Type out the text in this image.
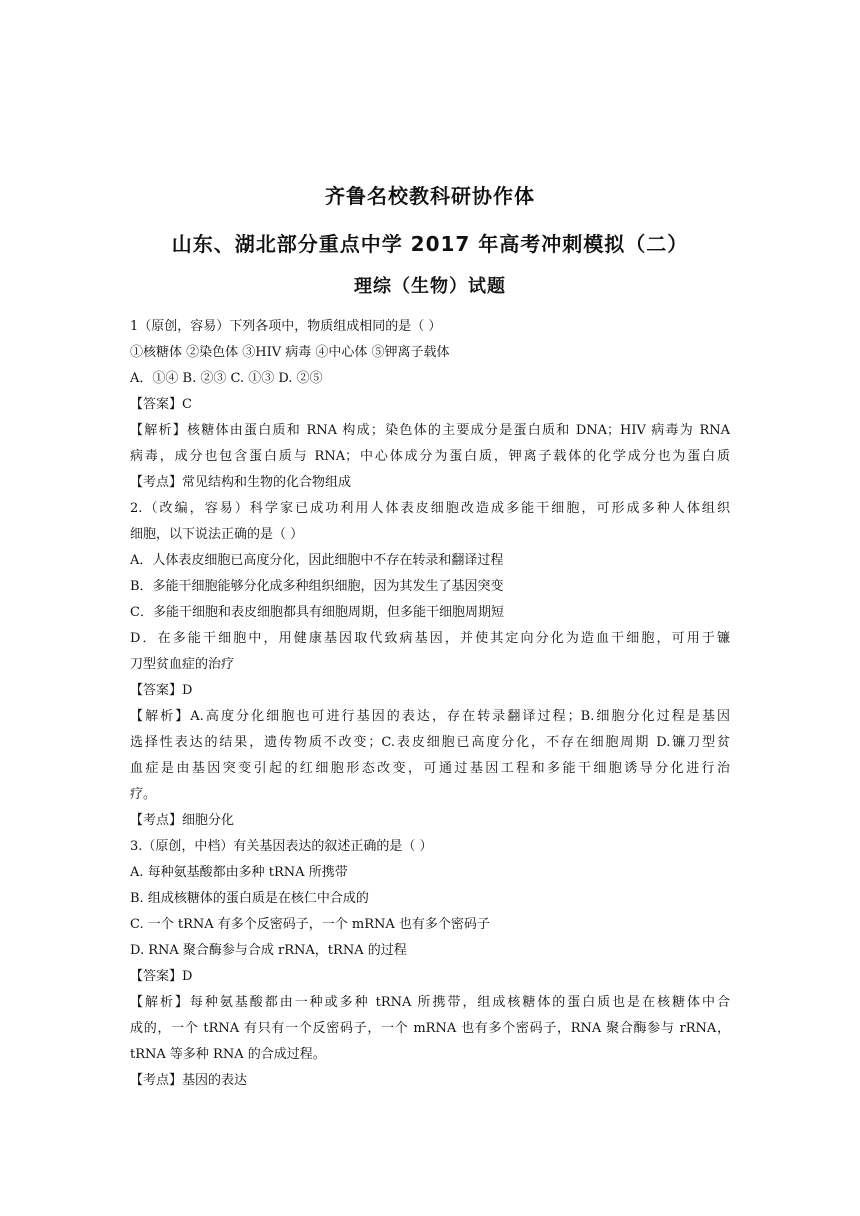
齐鲁名校教科研协作体
山东、湖北部分重点中学 2017 年高考冲刺模拟（二）
理综（生物）试题
1（原创，容易）下列各项中，物质组成相同的是（ ）
①核糖体 ②染色体 ③HIV 病毒 ④中心体 ⑤钾离子载体
A．①④ B. ②③ C. ①③ D. ②⑤
【答案】C
【解析】核糖体由蛋白质和 RNA 构成；染色体的主要成分是蛋白质和 DNA；HIV 病毒为 RNA
病毒，成分也包含蛋白质与 RNA；中心体成分为蛋白质，钾离子载体的化学成分也为蛋白质
【考点】常见结构和生物的化合物组成
2.（改编，容易）科学家已成功利用人体表皮细胞改造成多能干细胞，可形成多种人体组织
细胞，以下说法正确的是（ ）
A．人体表皮细胞已高度分化，因此细胞中不存在转录和翻译过程
B．多能干细胞能够分化成多种组织细胞，因为其发生了基因突变
C．多能干细胞和表皮细胞都具有细胞周期，但多能干细胞周期短
D．在多能干细胞中，用健康基因取代致病基因，并使其定向分化为造血干细胞，可用于镰
刀型贫血症的治疗
【答案】D
【解析】A.高度分化细胞也可进行基因的表达，存在转录翻译过程；B.细胞分化过程是基因
选择性表达的结果，遗传物质不改变；C.表皮细胞已高度分化，不存在细胞周期 D.镰刀型贫
血症是由基因突变引起的红细胞形态改变，可通过基因工程和多能干细胞诱导分化进行治
疗。
【考点】细胞分化
3.（原创，中档）有关基因表达的叙述正确的是（ ）
A. 每种氨基酸都由多种 tRNA 所携带
B. 组成核糖体的蛋白质是在核仁中合成的
C. 一个 tRNA 有多个反密码子，一个 mRNA 也有多个密码子
D. RNA 聚合酶参与合成 rRNA，tRNA 的过程
【答案】D
【解析】每种氨基酸都由一种或多种 tRNA 所携带，组成核糖体的蛋白质也是在核糖体中合
成的，一个 tRNA 有只有一个反密码子，一个 mRNA 也有多个密码子，RNA 聚合酶参与 rRNA，
tRNA 等多种 RNA 的合成过程。
【考点】基因的表达
